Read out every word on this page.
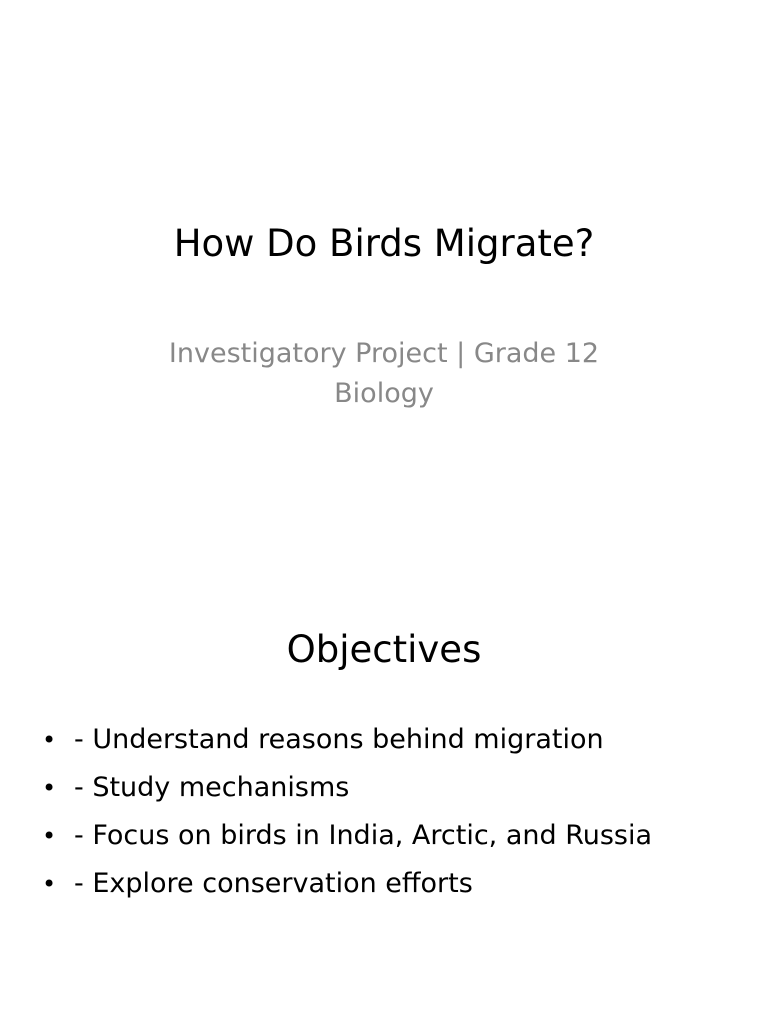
How Do Birds Migrate?
Investigatory Project | Grade 12 Biology
Objectives
• - Understand reasons behind migration
• - Study mechanisms
• - Focus on birds in India, Arctic, and Russia
• - Explore conservation efforts
